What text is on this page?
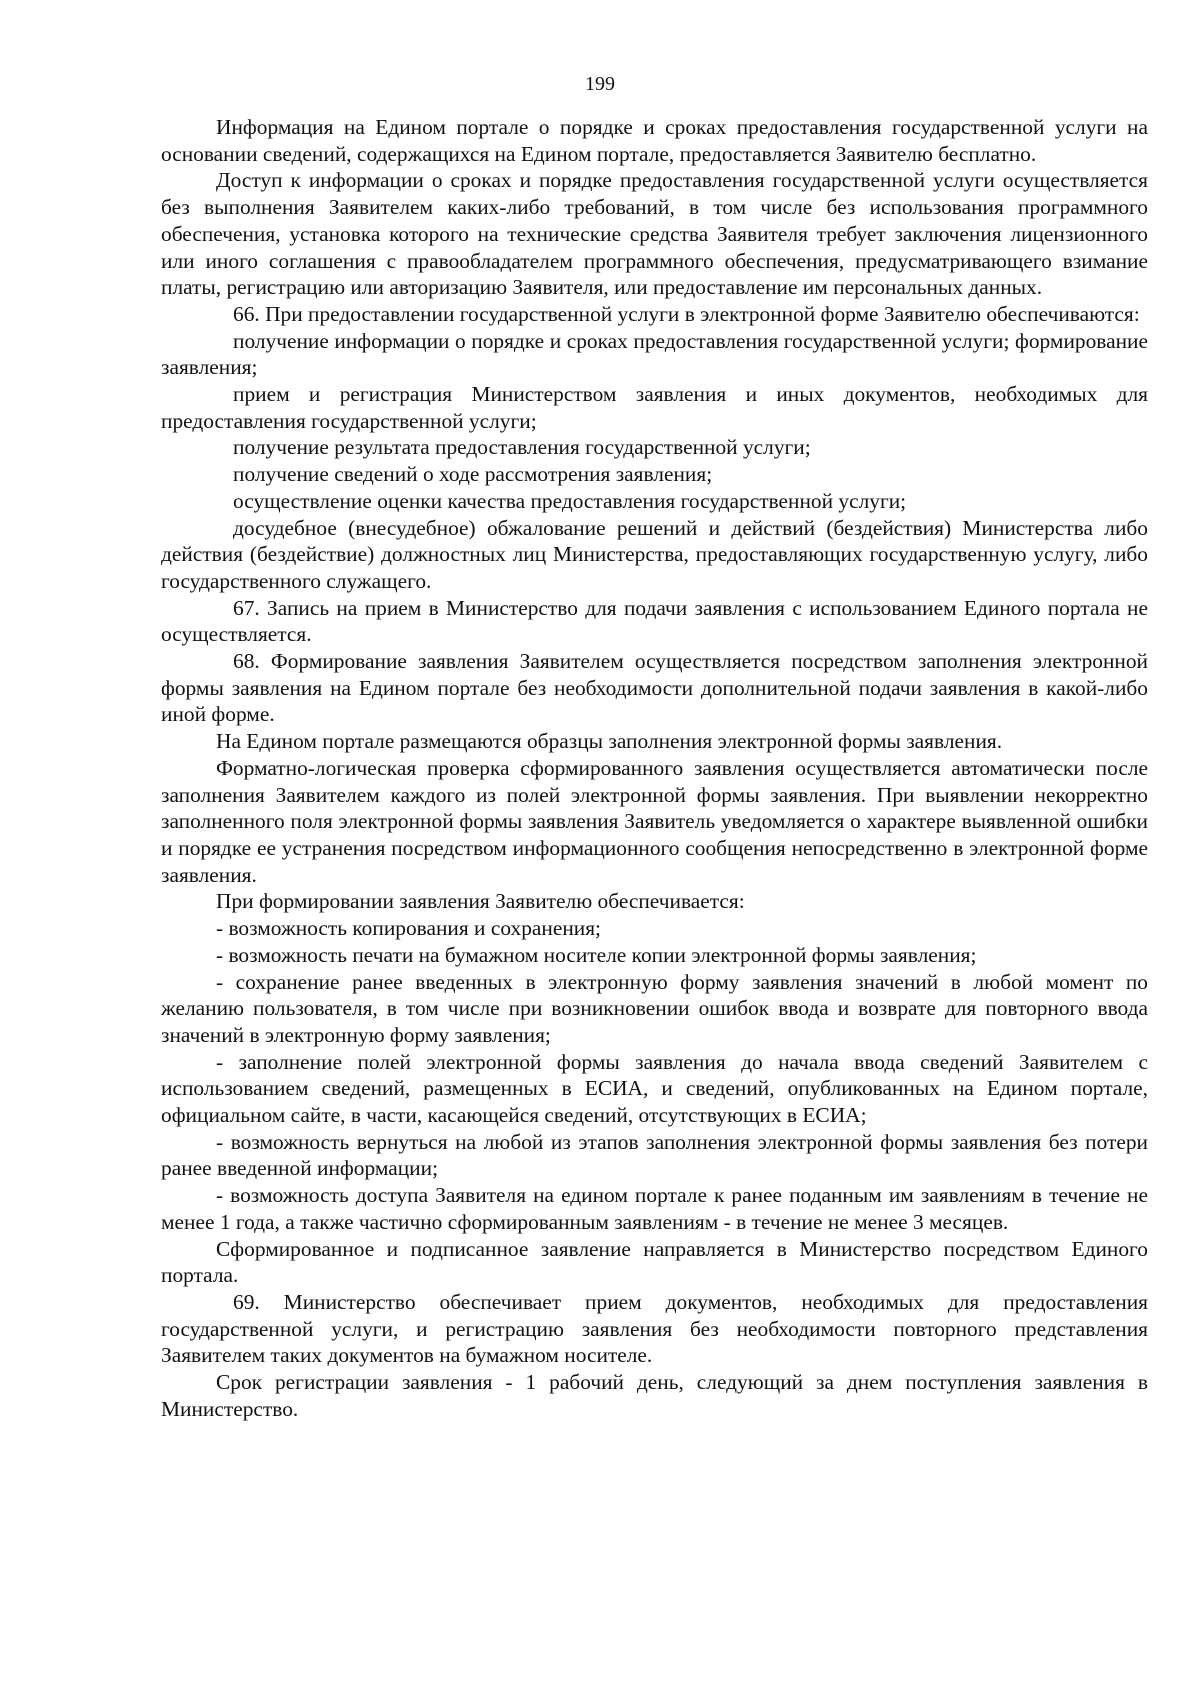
199

Информация на Едином портале о порядке и сроках предоставления государственной услуги на основании сведений, содержащихся на Едином портале, предоставляется Заявителю бесплатно.

Доступ к информации о сроках и порядке предоставления государственной услуги осуществляется без выполнения Заявителем каких-либо требований, в том числе без использования программного обеспечения, установка которого на технические средства Заявителя требует заключения лицензионного или иного соглашения с правообладателем программного обеспечения, предусматривающего взимание платы, регистрацию или авторизацию Заявителя, или предоставление им персональных данных.

66. При предоставлении государственной услуги в электронной форме Заявителю обеспечиваются:

получение информации о порядке и сроках предоставления государственной услуги; формирование заявления;

прием и регистрация Министерством заявления и иных документов, необходимых для предоставления государственной услуги;

получение результата предоставления государственной услуги;

получение сведений о ходе рассмотрения заявления;

осуществление оценки качества предоставления государственной услуги;

досудебное (внесудебное) обжалование решений и действий (бездействия) Министерства либо действия (бездействие) должностных лиц Министерства, предоставляющих государственную услугу, либо государственного служащего.

67. Запись на прием в Министерство для подачи заявления с использованием Единого портала не осуществляется.

68. Формирование заявления Заявителем осуществляется посредством заполнения электронной формы заявления на Едином портале без необходимости дополнительной подачи заявления в какой-либо иной форме.

На Едином портале размещаются образцы заполнения электронной формы заявления.

Форматно-логическая проверка сформированного заявления осуществляется автоматически после заполнения Заявителем каждого из полей электронной формы заявления. При выявлении некорректно заполненного поля электронной формы заявления Заявитель уведомляется о характере выявленной ошибки и порядке ее устранения посредством информационного сообщения непосредственно в электронной форме заявления.

При формировании заявления Заявителю обеспечивается:

- возможность копирования и сохранения;

- возможность печати на бумажном носителе копии электронной формы заявления;

- сохранение ранее введенных в электронную форму заявления значений в любой момент по желанию пользователя, в том числе при возникновении ошибок ввода и возврате для повторного ввода значений в электронную форму заявления;

- заполнение полей электронной формы заявления до начала ввода сведений Заявителем с использованием сведений, размещенных в ЕСИА, и сведений, опубликованных на Едином портале, официальном сайте, в части, касающейся сведений, отсутствующих в ЕСИА;

- возможность вернуться на любой из этапов заполнения электронной формы заявления без потери ранее введенной информации;

- возможность доступа Заявителя на едином портале к ранее поданным им заявлениям в течение не менее 1 года, а также частично сформированным заявлениям - в течение не менее 3 месяцев.

Сформированное и подписанное заявление направляется в Министерство посредством Единого портала.

69. Министерство обеспечивает прием документов, необходимых для предоставления государственной услуги, и регистрацию заявления без необходимости повторного представления Заявителем таких документов на бумажном носителе.

Срок регистрации заявления - 1 рабочий день, следующий за днем поступления заявления в Министерство.
